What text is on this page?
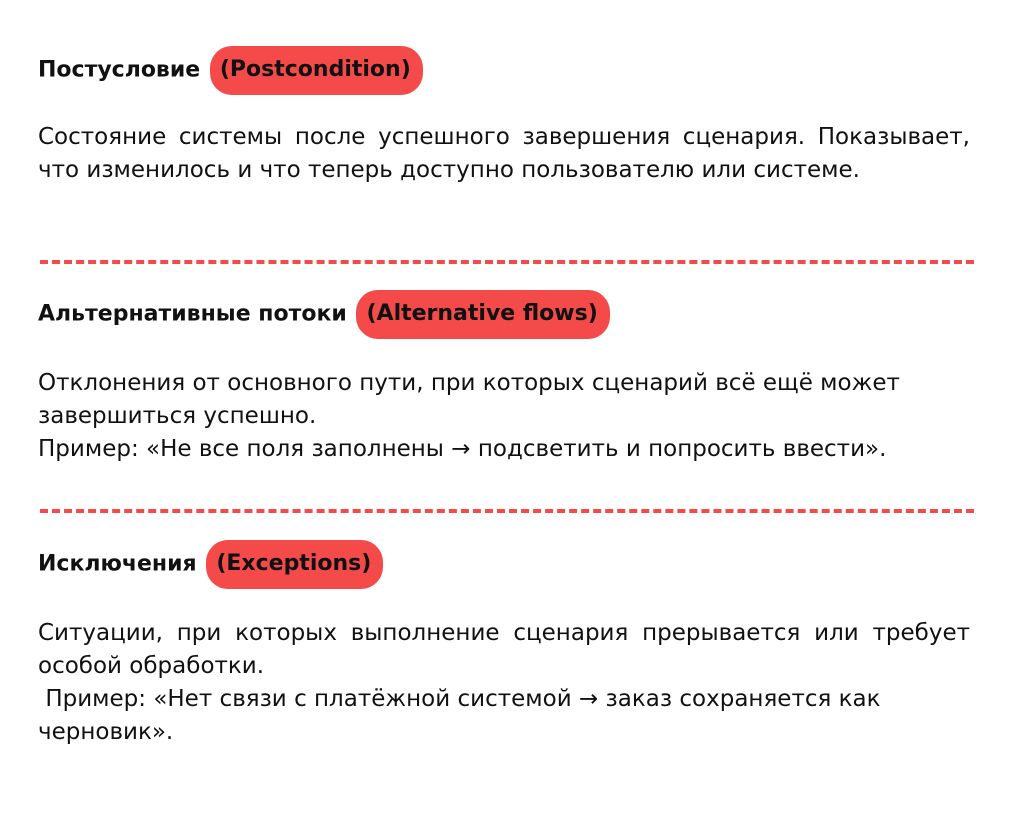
Постусловие (Postcondition)

Состояние системы после успешного завершения сценария. Показывает, что изменилось и что теперь доступно пользователю или системе.

Альтернативные потоки (Alternative flows)

Отклонения от основного пути, при которых сценарий всё ещё может завершиться успешно.

Пример: «Не все поля заполнены → подсветить и попросить ввести».

Исключения (Exceptions)

Ситуации, при которых выполнение сценария прерывается или требует особой обработки.

Пример: «Нет связи с платёжной системой → заказ сохраняется как черновик».
